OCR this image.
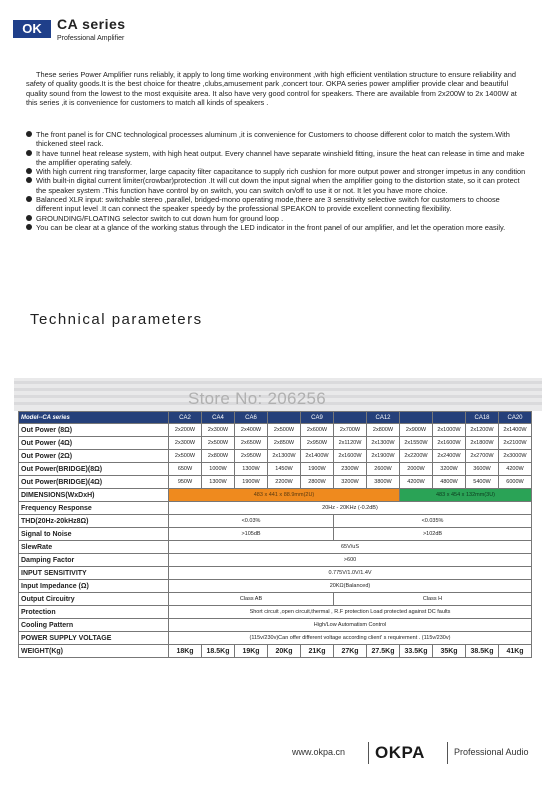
OK	CA series
Professional Amplifier

These series Power Amplifier runs reliably, it apply to long time working environment ,with high efficient ventilation structure to ensure reliability and safety of quality goods.It is the best choice for theatre ,clubs,amusement park ,concert tour. OKPA series power amplifier provide clear and beautiful quality sound from the lowest to the most exquisite area. It also have very good control for speakers. There are available from 2x200W to 2x 1400W at this series ,it is convenience for customers to match all kinds of speakers .

The front panel is for CNC technological processes aluminum ,it is convenience for Customers to choose different color to match the system.With thickened steel rack.
It have tunnel heat release system, with high heat output. Every channel have separate winshield fitting, insure the heat can release in time and make the amplifier operating safely.
With high current ring transformer, large capacity filter capacitance to supply rich cushion for more output power and stronger impetus in any condition
With built-in digital current limiter(crowbar)protection .It will cut down the input signal when the amplifier going to the distortion state, so it can protect the speaker system .This function have control by on switch, you can switch on/off to use it or not. It let you have more choice.
Balanced XLR input: switchable stereo ,parallel, bridged-mono operating mode,there are 3 sensitivity selective switch for customers to choose different input level .It can connect the speaker speedy by the professional SPEAKON to provide excellent connecting flexibility.
GROUNDING/FLOATING selector switch to cut down hum for ground loop .
You can be clear at a glance of the working status through the LED indicator in the front panel of our amplifier, and let the operation more easily.
Technical parameters
Store No: 206256
Model--CA series	CA2	CA4	CA6		CA9		CA12			CA18	CA20
Out Power (8Ω)	2x200W	2x300W	2x400W	2x500W	2x600W	2x700W	2x800W	2x900W	2x1000W	2x1200W	2x1400W
Out Power (4Ω)	2x300W	2x500W	2x650W	2x850W	2x950W	2x1120W	2x1300W	2x1550W	2x1600W	2x1800W	2x2100W
Out Power (2Ω)	2x500W	2x800W	2x950W	2x1300W	2x1400W	2x1600W	2x1900W	2x2200W	2x2400W	2x2700W	2x3000W
Out Power(BRIDGE)(8Ω)	650W	1000W	1300W	1450W	1900W	2300W	2600W	2000W	3200W	3600W	4200W
Out Power(BRIDGE)(4Ω)	950W	1300W	1900W	2200W	2800W	3200W	3800W	4200W	4800W	5400W	6000W
DIMENSIONS(WxDxH)	483 x 441 x 88.9mm(2U)							483 x 454 x 132mm(3U)			
Frequency Response	20Hz - 20KHz (-0.2dB)										
THD(20Hz-20kHz8Ω)	<0.03%					<0.035%					
Signal to Noise	>105dB					>102dB					
SlewRate	65V/uS										
Damping Factor	>600										
INPUT SENSITIVITY	0.775V/1.0V/1.4V										
Input Impedance (Ω)	20KΩ(Balanced)										
Output Circuitry	Class AB					Class H					
Protection	Short circuit ,open circuit,thermal , R.F protection Load protected against DC faults										
Cooling Pattern	High/Low Automatism Control										
POWER SUPPLY VOLTAGE	(115v/230v)Can offer different voltage according client' s requirement . (115v/230v)										
WEIGHT(Kg)	18Kg	18.5Kg	19Kg	20Kg	21Kg	27Kg	27.5Kg	33.5Kg	35Kg	38.5Kg	41Kg
www.okpa.cn OKPA	Professional Audio
